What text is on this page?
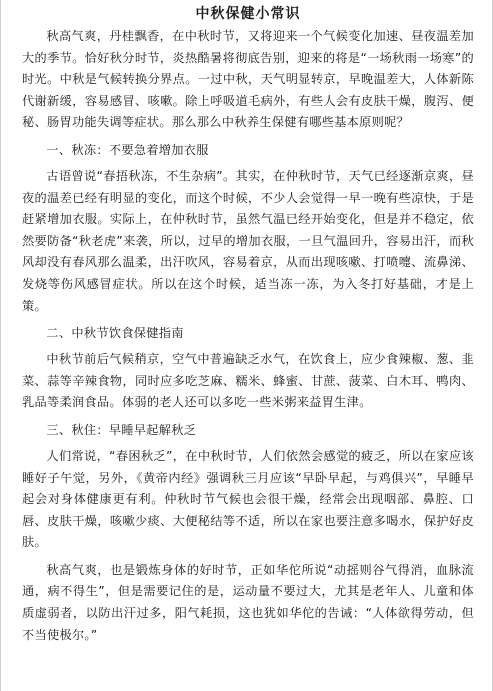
中秋保健小常识

秋高气爽，丹桂飘香，在中秋时节，又将迎来一个气候变化加速、昼夜温差加大的季节。恰好秋分时节，炎热酷暑将彻底告别，迎来的将是“一场秋雨一场寒”的时光。中秋是气候转换分界点。一过中秋，天气明显转京，早晚温差大，人体新陈代谢新缓，容易感冒、咳嗽。除上呼吸道毛病外，有些人会有皮肤干燥，腹泻、便秘、肠胃功能失调等症状。那么那么中秋养生保健有哪些基本原则呢？

一、秋冻：不要急着增加衣服

古语曾说“春捂秋冻，不生杂病”。其实，在仲秋时节，天气已经逐渐京爽，昼夜的温差已经有明显的变化，而这个时候，不少人会觉得一早一晚有些凉快，于是赶紧增加衣服。实际上，在仲秋时节，虽然气温已经开始变化，但是并不稳定，依然要防备“秋老虎”来袭，所以，过早的增加衣服，一旦气温回升，容易出汗，而秋风却没有春风那么温柔，出汗吹风，容易着京，从而出现咳嗽、打喷嚏、流鼻涕、发烧等伤风感冒症状。所以在这个时候，适当冻一冻，为入冬打好基础，才是上策。

二、中秋节饮食保健指南

中秋节前后气候稍京，空气中普遍缺乏水气，在饮食上，应少食辣椒、葱、韭菜、蒜等辛辣食物，同时应多吃芝麻、糯米、蜂蜜、甘蔗、菠菜、白木耳、鸭肉、乳品等柔润食品。体弱的老人还可以多吃一些米粥来益胃生津。

三、秋住：早睡早起解秋乏

人们常说，“春困秋乏”，在中秋时节，人们依然会感觉的疲乏，所以在家应该睡好子午觉，另外，《黄帝内经》强调秋三月应该“早卧早起，与鸡俱兴”，早睡早起会对身体健康更有利。仲秋时节气候也会很干燥，经常会出现咽部、鼻腔、口唇、皮肤干燥，咳嗽少痰、大便秘结等不适，所以在家也要注意多喝水，保护好皮肤。

秋高气爽，也是锻炼身体的好时节，正如华佗所说“动摇则谷气得消，血脉流通，病不得生”，但是需要记住的是，运动量不要过大，尤其是老年人、儿童和体质虚弱者，以防出汗过多，阳气耗损，这也犹如华佗的告诫：“人体欲得劳动，但不当使极尔。”
